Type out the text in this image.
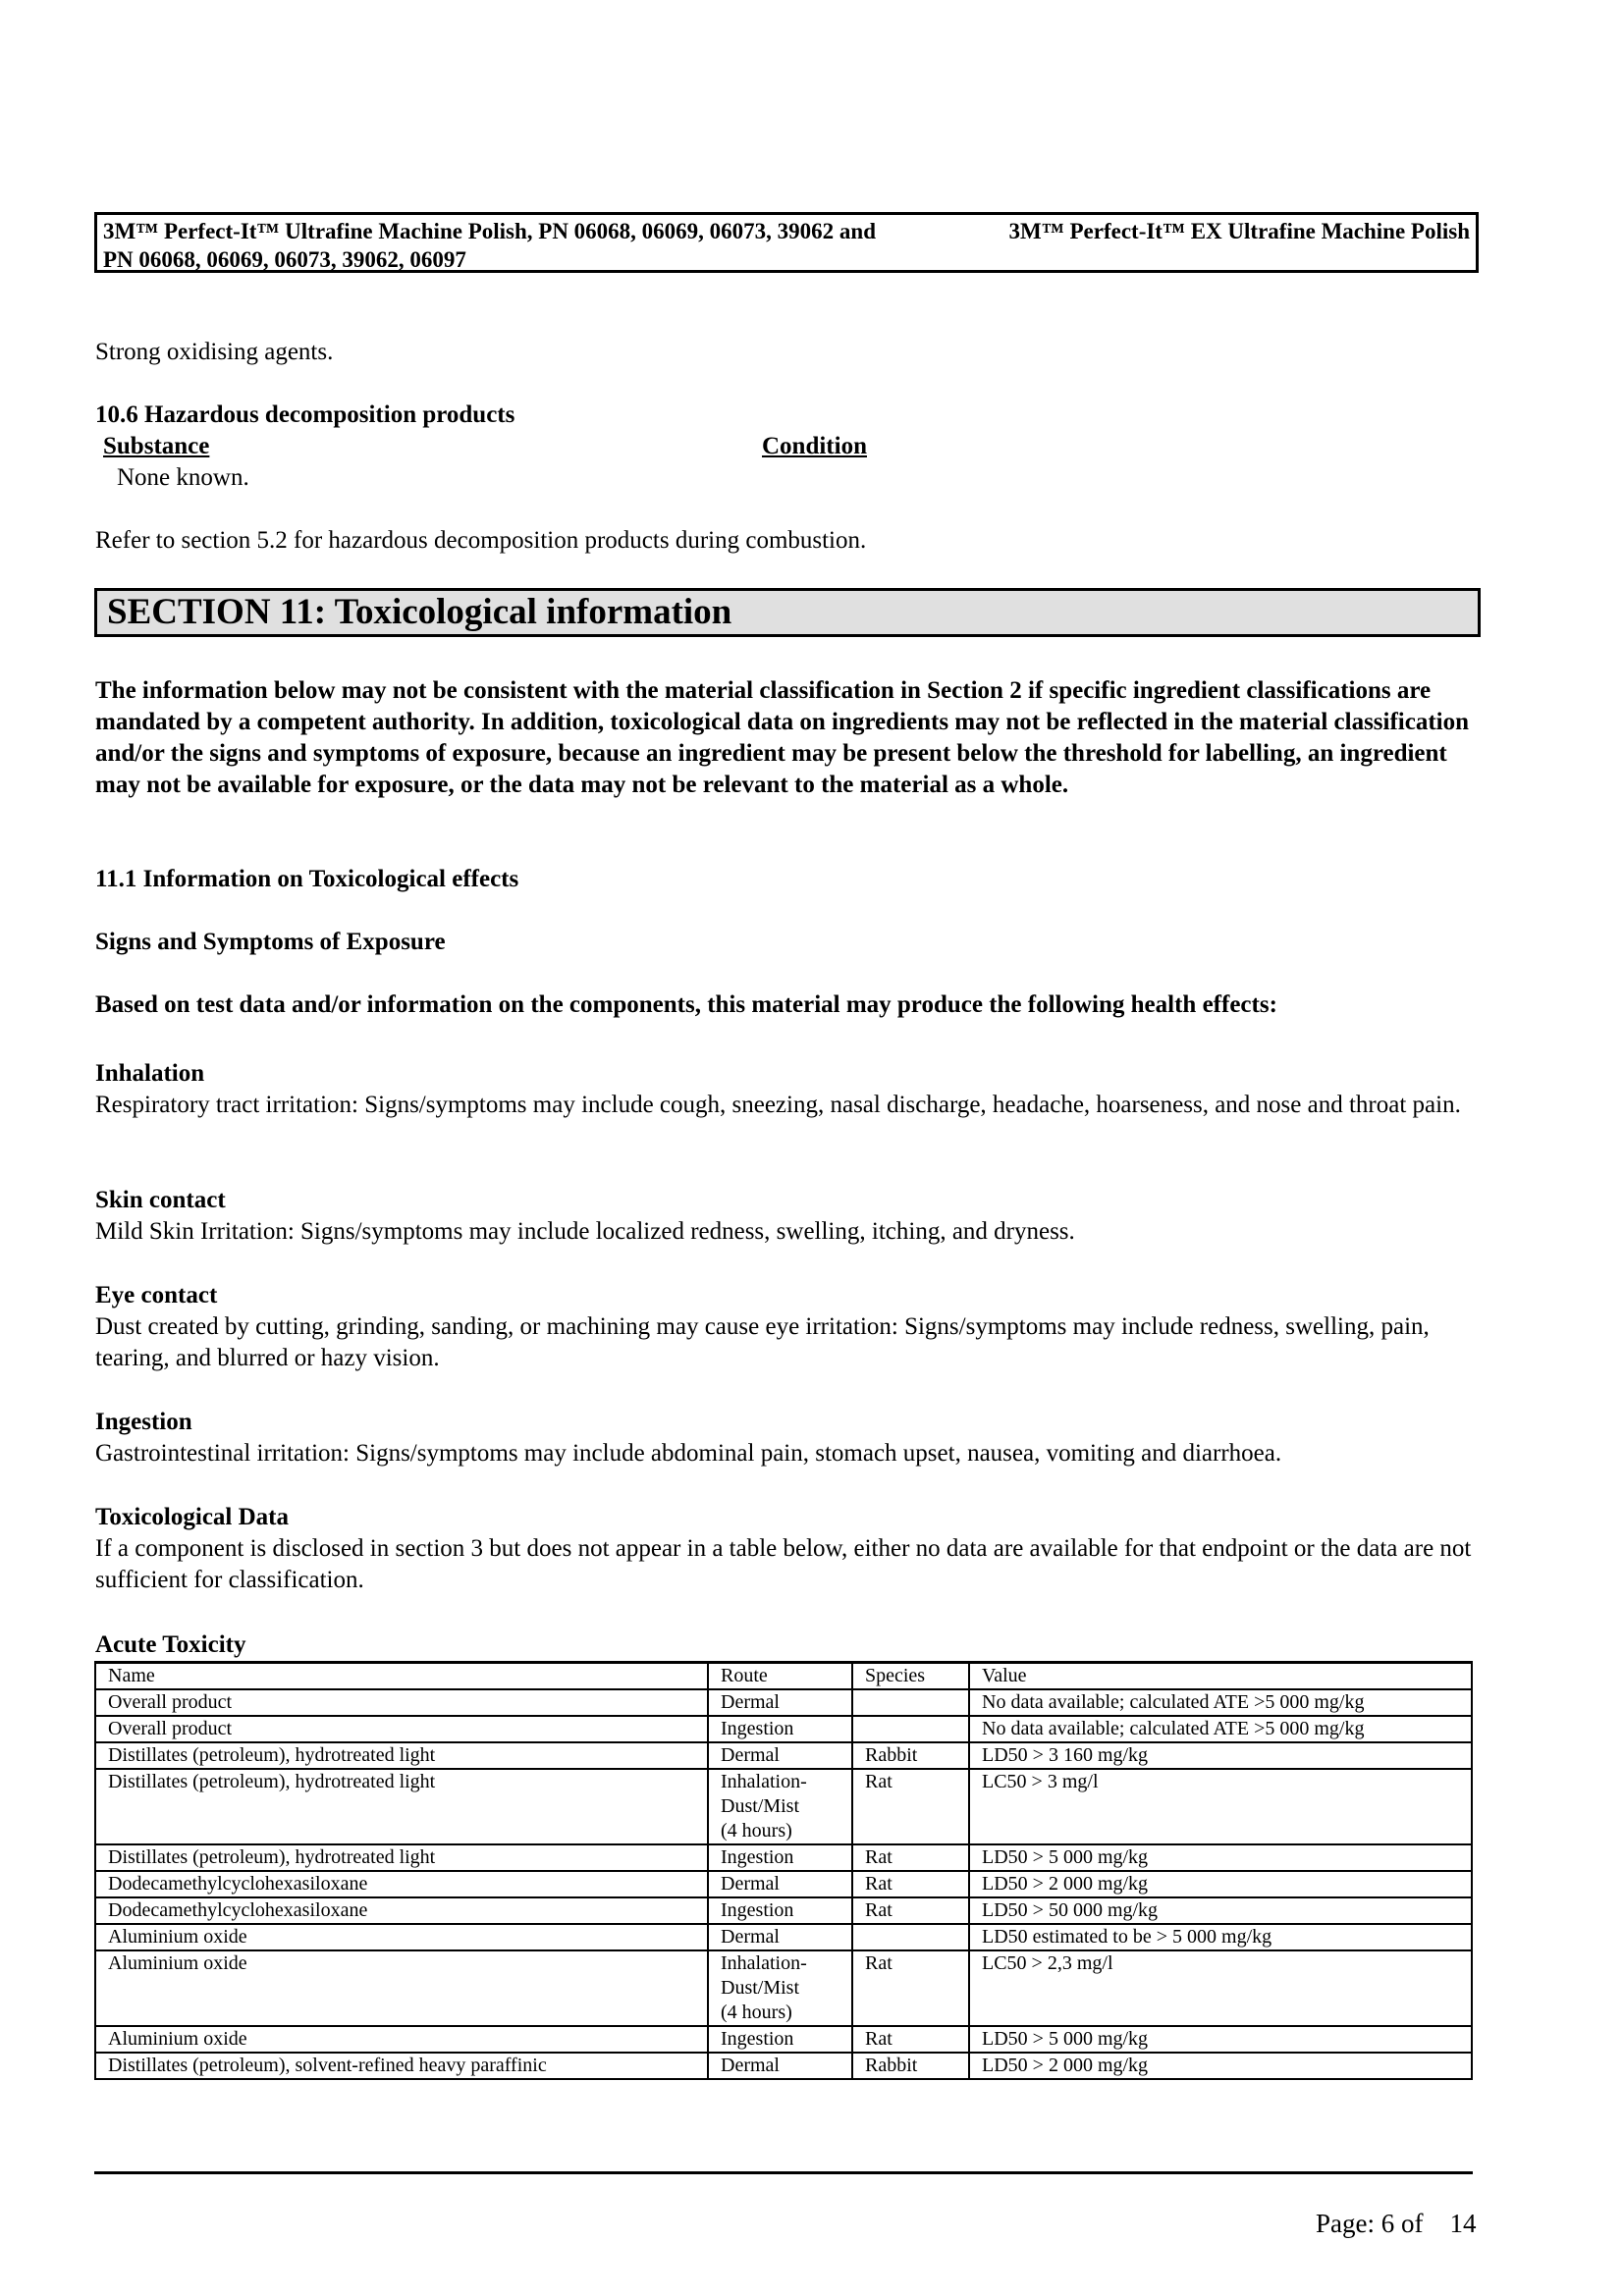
3M™ Perfect-It™ Ultrafine Machine Polish, PN 06068, 06069, 06073, 39062 and	3M™ Perfect-It™ EX Ultrafine Machine Polish
PN 06068, 06069, 06073, 39062, 06097
Strong oxidising agents.
10.6 Hazardous decomposition products
Substance	Condition
None known.
Refer to section 5.2 for hazardous decomposition products during combustion.
SECTION 11: Toxicological information
The information below may not be consistent with the material classification in Section 2 if specific ingredient classifications are mandated by a competent authority. In addition, toxicological data on ingredients may not be reflected in the material classification and/or the signs and symptoms of exposure, because an ingredient may be present below the threshold for labelling, an ingredient may not be available for exposure, or the data may not be relevant to the material as a whole.
11.1 Information on Toxicological effects
Signs and Symptoms of Exposure
Based on test data and/or information on the components, this material may produce the following health effects:
Inhalation
Respiratory tract irritation: Signs/symptoms may include cough, sneezing, nasal discharge, headache, hoarseness, and nose and throat pain.
Skin contact
Mild Skin Irritation: Signs/symptoms may include localized redness, swelling, itching, and dryness.
Eye contact
Dust created by cutting, grinding, sanding, or machining may cause eye irritation: Signs/symptoms may include redness, swelling, pain, tearing, and blurred or hazy vision.
Ingestion
Gastrointestinal irritation: Signs/symptoms may include abdominal pain, stomach upset, nausea, vomiting and diarrhoea.
Toxicological Data
If a component is disclosed in section 3 but does not appear in a table below, either no data are available for that endpoint or the data are not sufficient for classification.
Acute Toxicity
Name	Route	Species	Value
Overall product	Dermal		No data available; calculated ATE >5 000 mg/kg
Overall product	Ingestion		No data available; calculated ATE >5 000 mg/kg
Distillates (petroleum), hydrotreated light	Dermal	Rabbit	LD50 > 3 160 mg/kg
Distillates (petroleum), hydrotreated light	Inhalation-
Dust/Mist
(4 hours)	Rat	LC50 > 3 mg/l
Distillates (petroleum), hydrotreated light	Ingestion	Rat	LD50 > 5 000 mg/kg
Dodecamethylcyclohexasiloxane	Dermal	Rat	LD50 > 2 000 mg/kg
Dodecamethylcyclohexasiloxane	Ingestion	Rat	LD50 > 50 000 mg/kg
Aluminium oxide	Dermal		LD50 estimated to be > 5 000 mg/kg
Aluminium oxide	Inhalation-
Dust/Mist
(4 hours)	Rat	LC50 > 2,3 mg/l
Aluminium oxide	Ingestion	Rat	LD50 > 5 000 mg/kg
Distillates (petroleum), solvent-refined heavy paraffinic	Dermal	Rabbit	LD50 > 2 000 mg/kg
Page: 6 of 14
